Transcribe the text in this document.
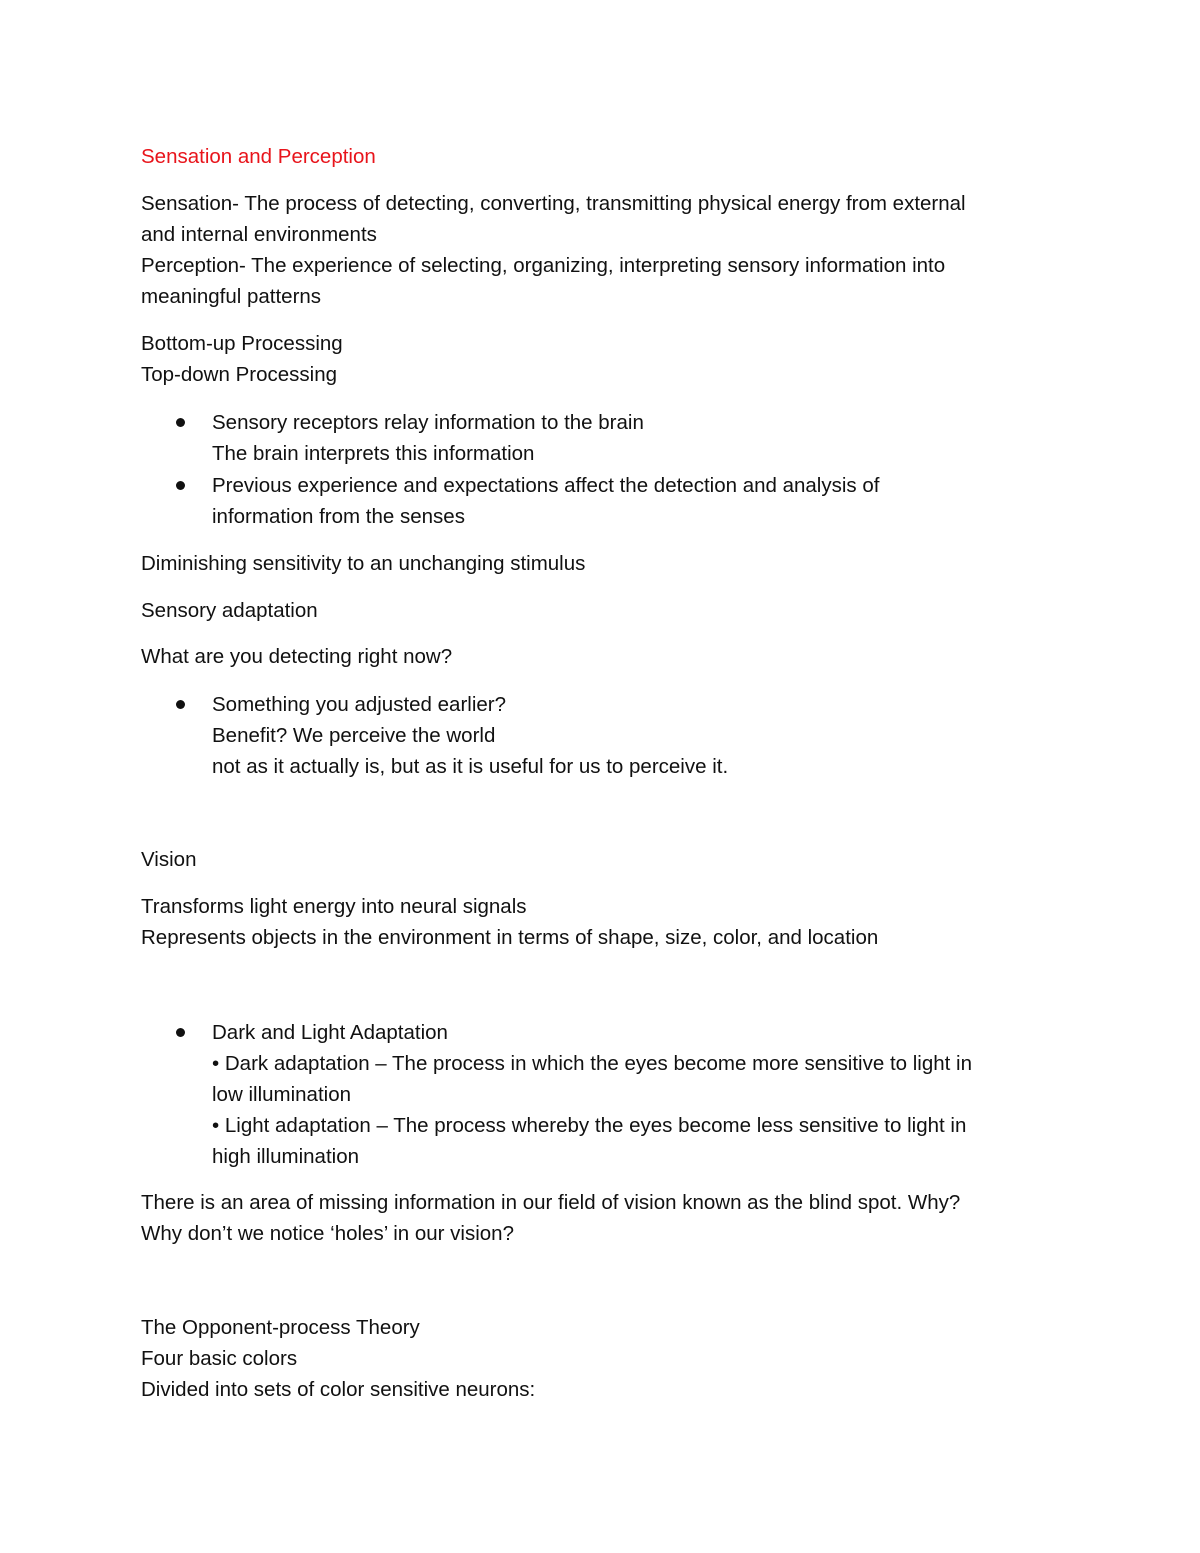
Sensation and Perception
Sensation- The process of detecting, converting, transmitting physical energy from external
and internal environments
Perception- The experience of selecting, organizing, interpreting sensory information into
meaningful patterns
Bottom-up Processing
Top-down Processing
Sensory receptors relay information to the brain
The brain interprets this information
Previous experience and expectations affect the detection and analysis of
information from the senses
Diminishing sensitivity to an unchanging stimulus
Sensory adaptation
What are you detecting right now?
Something you adjusted earlier?
Benefit? We perceive the world
not as it actually is, but as it is useful for us to perceive it.
Vision
Transforms light energy into neural signals
Represents objects in the environment in terms of shape, size, color, and location
Dark and Light Adaptation
• Dark adaptation – The process in which the eyes become more sensitive to light in
low illumination
• Light adaptation – The process whereby the eyes become less sensitive to light in
high illumination
There is an area of missing information in our field of vision known as the blind spot. Why?
Why don’t we notice ‘holes’ in our vision?
The Opponent-process Theory
Four basic colors
Divided into sets of color sensitive neurons:
